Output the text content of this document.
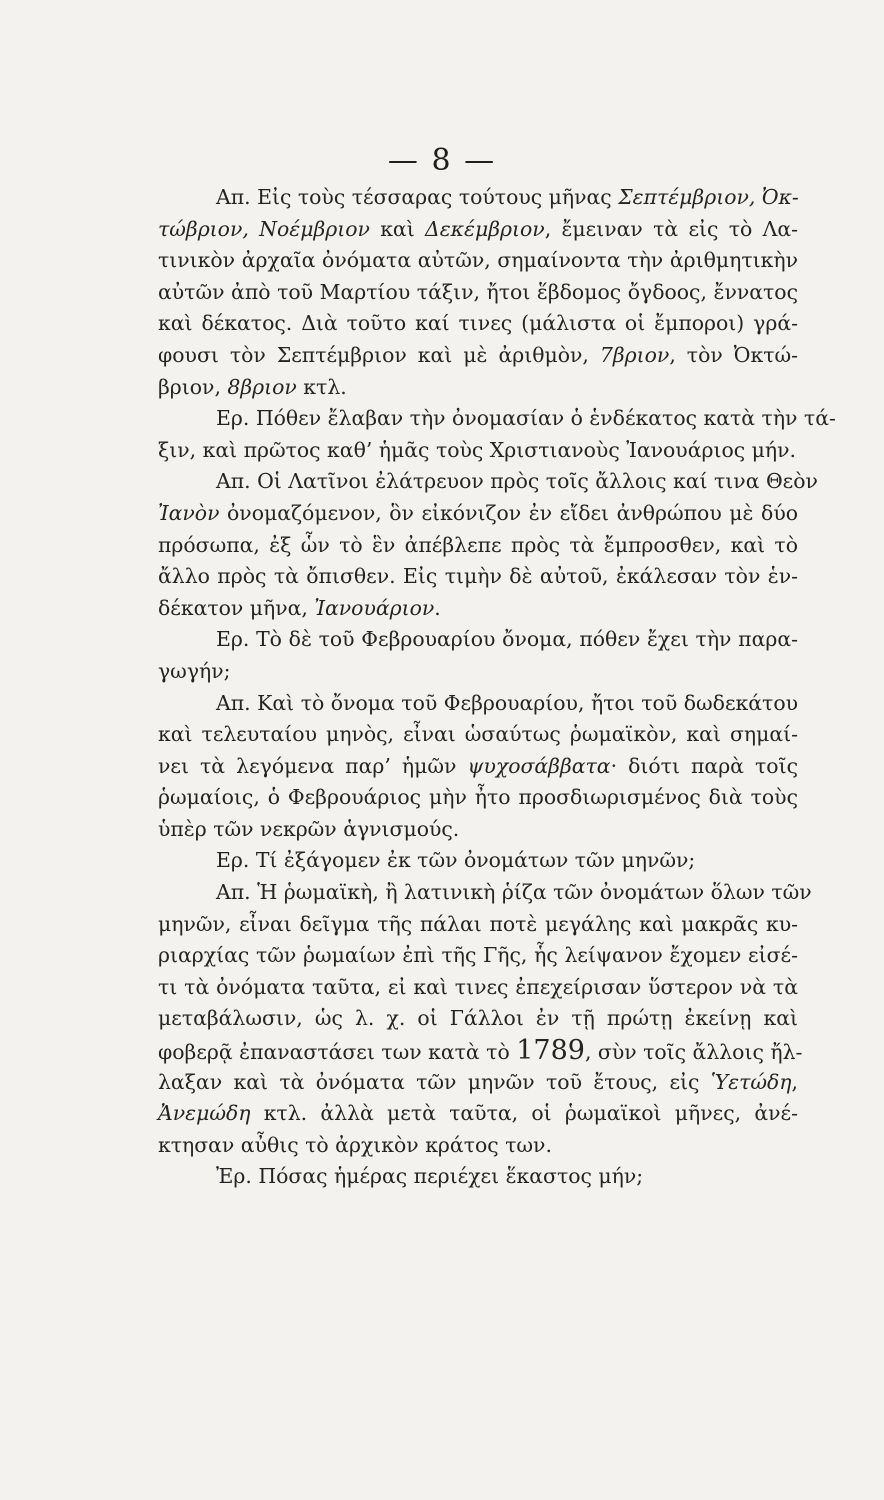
— 8 —
Απ. Εἰς τοὺς τέσσαρας τούτους μῆνας Σεπτέμβριον, Ὀκ-
τώβριον, Νοέμβριον καὶ Δεκέμβριον, ἔμειναν τὰ εἰς τὸ Λα-
τινικὸν ἀρχαῖα ὀνόματα αὐτῶν, σημαίνοντα τὴν ἀριθμητικὴν
αὐτῶν ἀπὸ τοῦ Μαρτίου τάξιν, ἤτοι ἕβδομος ὄγδοος, ἔννατος
καὶ δέκατος. Διὰ τοῦτο καί τινες (μάλιστα οἱ ἔμποροι) γρά-
φουσι τὸν Σεπτέμβριον καὶ μὲ ἀριθμὸν, 7βριον, τὸν Ὀκτώ-
βριον, 8βριον κτλ.
Ερ. Πόθεν ἔλαβαν τὴν ὀνομασίαν ὁ ἑνδέκατος κατὰ τὴν τά-
ξιν, καὶ πρῶτος καθ’ ἡμᾶς τοὺς Χριστιανοὺς Ἰανουάριος μήν.
Απ. Οἱ Λατῖνοι ἐλάτρευον πρὸς τοῖς ἄλλοις καί τινα Θεὸν
Ἰανὸν ὀνομαζόμενον, ὃν εἰκόνιζον ἐν εἴδει ἀνθρώπου μὲ δύο
πρόσωπα, ἐξ ὧν τὸ ἓν ἀπέβλεπε πρὸς τὰ ἔμπροσθεν, καὶ τὸ
ἄλλο πρὸς τὰ ὄπισθεν. Εἰς τιμὴν δὲ αὐτοῦ, ἐκάλεσαν τὸν ἑν-
δέκατον μῆνα, Ἰανουάριον.
Ερ. Τὸ δὲ τοῦ Φεβρουαρίου ὄνομα, πόθεν ἔχει τὴν παρα-
γωγήν;
Απ. Καὶ τὸ ὄνομα τοῦ Φεβρουαρίου, ἤτοι τοῦ δωδεκάτου
καὶ τελευταίου μηνὸς, εἶναι ὡσαύτως ῥωμαϊκὸν, καὶ σημαί-
νει τὰ λεγόμενα παρ’ ἡμῶν ψυχοσάββατα· διότι παρὰ τοῖς
ῥωμαίοις, ὁ Φεβρουάριος μὴν ἦτο προσδιωρισμένος διὰ τοὺς
ὑπὲρ τῶν νεκρῶν ἁγνισμούς.
Ερ. Τί ἐξάγομεν ἐκ τῶν ὀνομάτων τῶν μηνῶν;
Απ. Ἡ ῥωμαϊκὴ, ἢ λατινικὴ ῥίζα τῶν ὀνομάτων ὅλων τῶν
μηνῶν, εἶναι δεῖγμα τῆς πάλαι ποτὲ μεγάλης καὶ μακρᾶς κυ-
ριαρχίας τῶν ῥωμαίων ἐπὶ τῆς Γῆς, ἧς λείψανον ἔχομεν εἰσέ-
τι τὰ ὀνόματα ταῦτα, εἰ καὶ τινες ἐπεχείρισαν ὕστερον νὰ τὰ
μεταβάλωσιν, ὡς λ. χ. οἱ Γάλλοι ἐν τῇ πρώτῃ ἐκείνῃ καὶ
φοβερᾷ ἐπαναστάσει των κατὰ τὸ 1789, σὺν τοῖς ἄλλοις ἤλ-
λαξαν καὶ τὰ ὀνόματα τῶν μηνῶν τοῦ ἔτους, εἰς Ὑετώδη,
Ἀνεμώδη κτλ. ἀλλὰ μετὰ ταῦτα, οἱ ῥωμαϊκοὶ μῆνες, ἀνέ-
κτησαν αὖθις τὸ ἀρχικὸν κράτος των.
Ἐρ. Πόσας ἡμέρας περιέχει ἕκαστος μήν;
